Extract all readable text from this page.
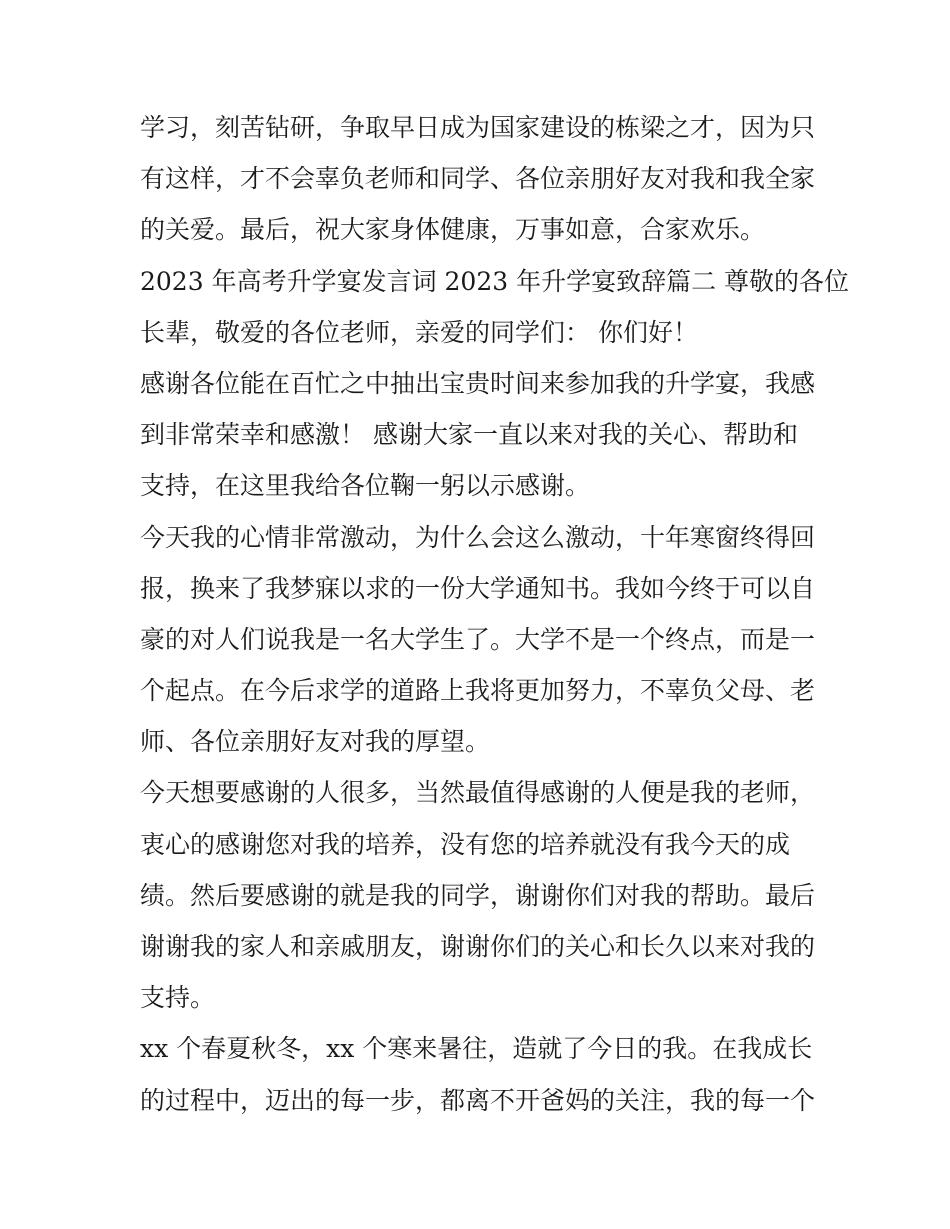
学习，刻苦钻研，争取早日成为国家建设的栋梁之才，因为只
有这样，才不会辜负老师和同学、各位亲朋好友对我和我全家
的关爱。最后，祝大家身体健康，万事如意，合家欢乐。
2023 年高考升学宴发言词 2023 年升学宴致辞篇二 尊敬的各位
长辈，敬爱的各位老师，亲爱的同学们： 你们好！
感谢各位能在百忙之中抽出宝贵时间来参加我的升学宴，我感
到非常荣幸和感激！ 感谢大家一直以来对我的关心、帮助和
支持，在这里我给各位鞠一躬以示感谢。
今天我的心情非常激动，为什么会这么激动，十年寒窗终得回
报，换来了我梦寐以求的一份大学通知书。我如今终于可以自
豪的对人们说我是一名大学生了。大学不是一个终点，而是一
个起点。在今后求学的道路上我将更加努力，不辜负父母、老
师、各位亲朋好友对我的厚望。
今天想要感谢的人很多，当然最值得感谢的人便是我的老师，
衷心的感谢您对我的培养，没有您的培养就没有我今天的成
绩。然后要感谢的就是我的同学，谢谢你们对我的帮助。最后
谢谢我的家人和亲戚朋友，谢谢你们的关心和长久以来对我的
支持。
xx 个春夏秋冬，xx 个寒来暑往，造就了今日的我。在我成长
的过程中，迈出的每一步，都离不开爸妈的关注，我的每一个
